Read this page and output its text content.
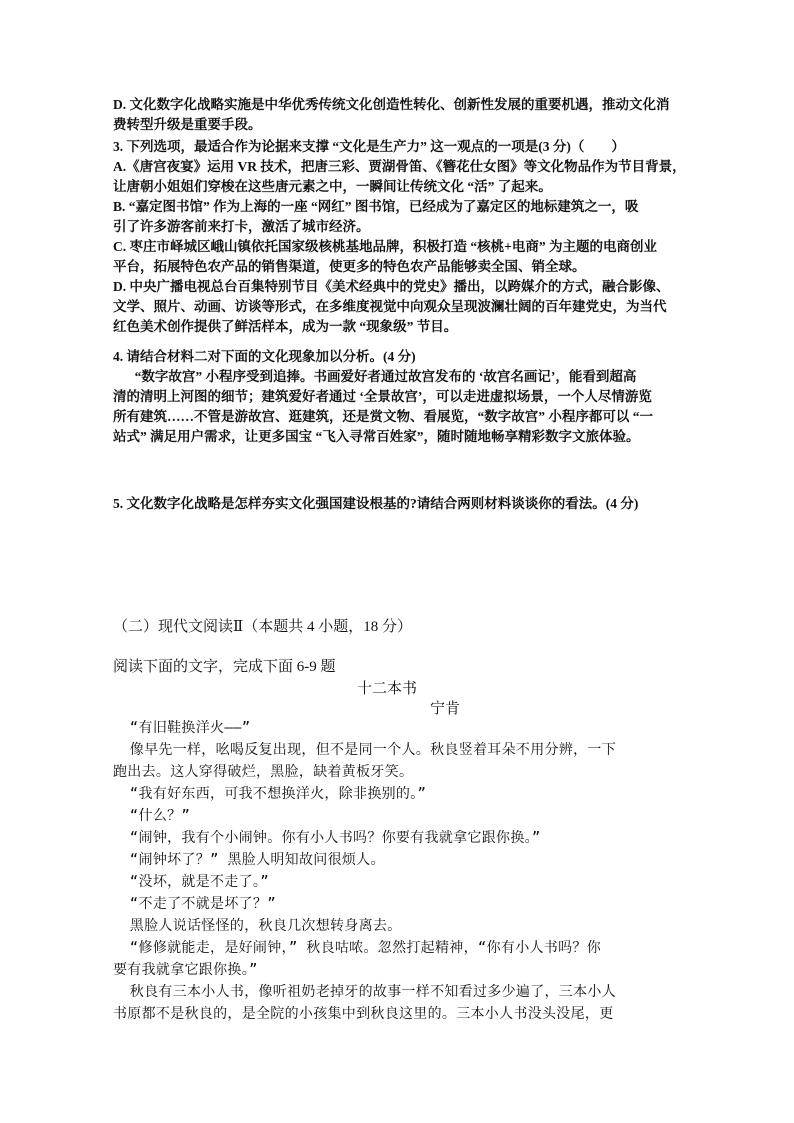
D. 文化数字化战略实施是中华优秀传统文化创造性转化、创新性发展的重要机遇，推动文化消

费转型升级是重要手段。

3. 下列选项，最适合作为论据来支撑 “文化是生产力” 这一观点的一项是(3 分)（　　）

A.《唐宫夜宴》运用 VR 技术，把唐三彩、贾湖骨笛、《簪花仕女图》等文化物品作为节目背景，

让唐朝小姐姐们穿梭在这些唐元素之中，一瞬间让传统文化 “活” 了起来。

B. “嘉定图书馆” 作为上海的一座 “网红” 图书馆，已经成为了嘉定区的地标建筑之一，吸

引了许多游客前来打卡，激活了城市经济。

C. 枣庄市峄城区峨山镇依托国家级核桃基地品牌，积极打造 “核桃+电商” 为主题的电商创业

平台，拓展特色农产品的销售渠道，使更多的特色农产品能够卖全国、销全球。

D. 中央广播电视总台百集特别节目《美术经典中的党史》播出，以跨媒介的方式，融合影像、

文学、照片、动画、访谈等形式，在多维度视觉中向观众呈现波澜壮阔的百年建党史，为当代

红色美术创作提供了鲜活样本，成为一款 “现象级” 节目。

4. 请结合材料二对下面的文化现象加以分析。(4 分)

“数字故宫” 小程序受到追捧。书画爱好者通过故宫发布的 ‘故宫名画记’，能看到超高

清的清明上河图的细节；建筑爱好者通过 ‘全景故宫’，可以走进虚拟场景，一个人尽情游览

所有建筑……不管是游故宫、逛建筑，还是赏文物、看展览，“数字故宫” 小程序都可以 “一

站式” 满足用户需求，让更多国宝 “飞入寻常百姓家”，随时随地畅享精彩数字文旅体验。

5. 文化数字化战略是怎样夯实文化强国建设根基的?请结合两则材料谈谈你的看法。(4 分)

（二）现代文阅读Ⅱ（本题共 4 小题，18 分）
阅读下面的文字，完成下面 6-9 题
十二本书
宁肯

“有旧鞋换洋火——”

像早先一样，吆喝反复出现，但不是同一个人。秋良竖着耳朵不用分辨，一下

跑出去。这人穿得破烂，黑脸，缺着黄板牙笑。

“我有好东西，可我不想换洋火，除非换别的。”

“什么？”

“闹钟，我有个小闹钟。你有小人书吗？你要有我就拿它跟你换。”

“闹钟坏了？” 黑脸人明知故问很烦人。

“没坏，就是不走了。”

“不走了不就是坏了？”

黑脸人说话怪怪的，秋良几次想转身离去。

“修修就能走，是好闹钟，” 秋良咕哝。忽然打起精神，“你有小人书吗？你

要有我就拿它跟你换。”

秋良有三本小人书，像听祖奶老掉牙的故事一样不知看过多少遍了，三本小人

书原都不是秋良的，是全院的小孩集中到秋良这里的。三本小人书没头没尾，更
